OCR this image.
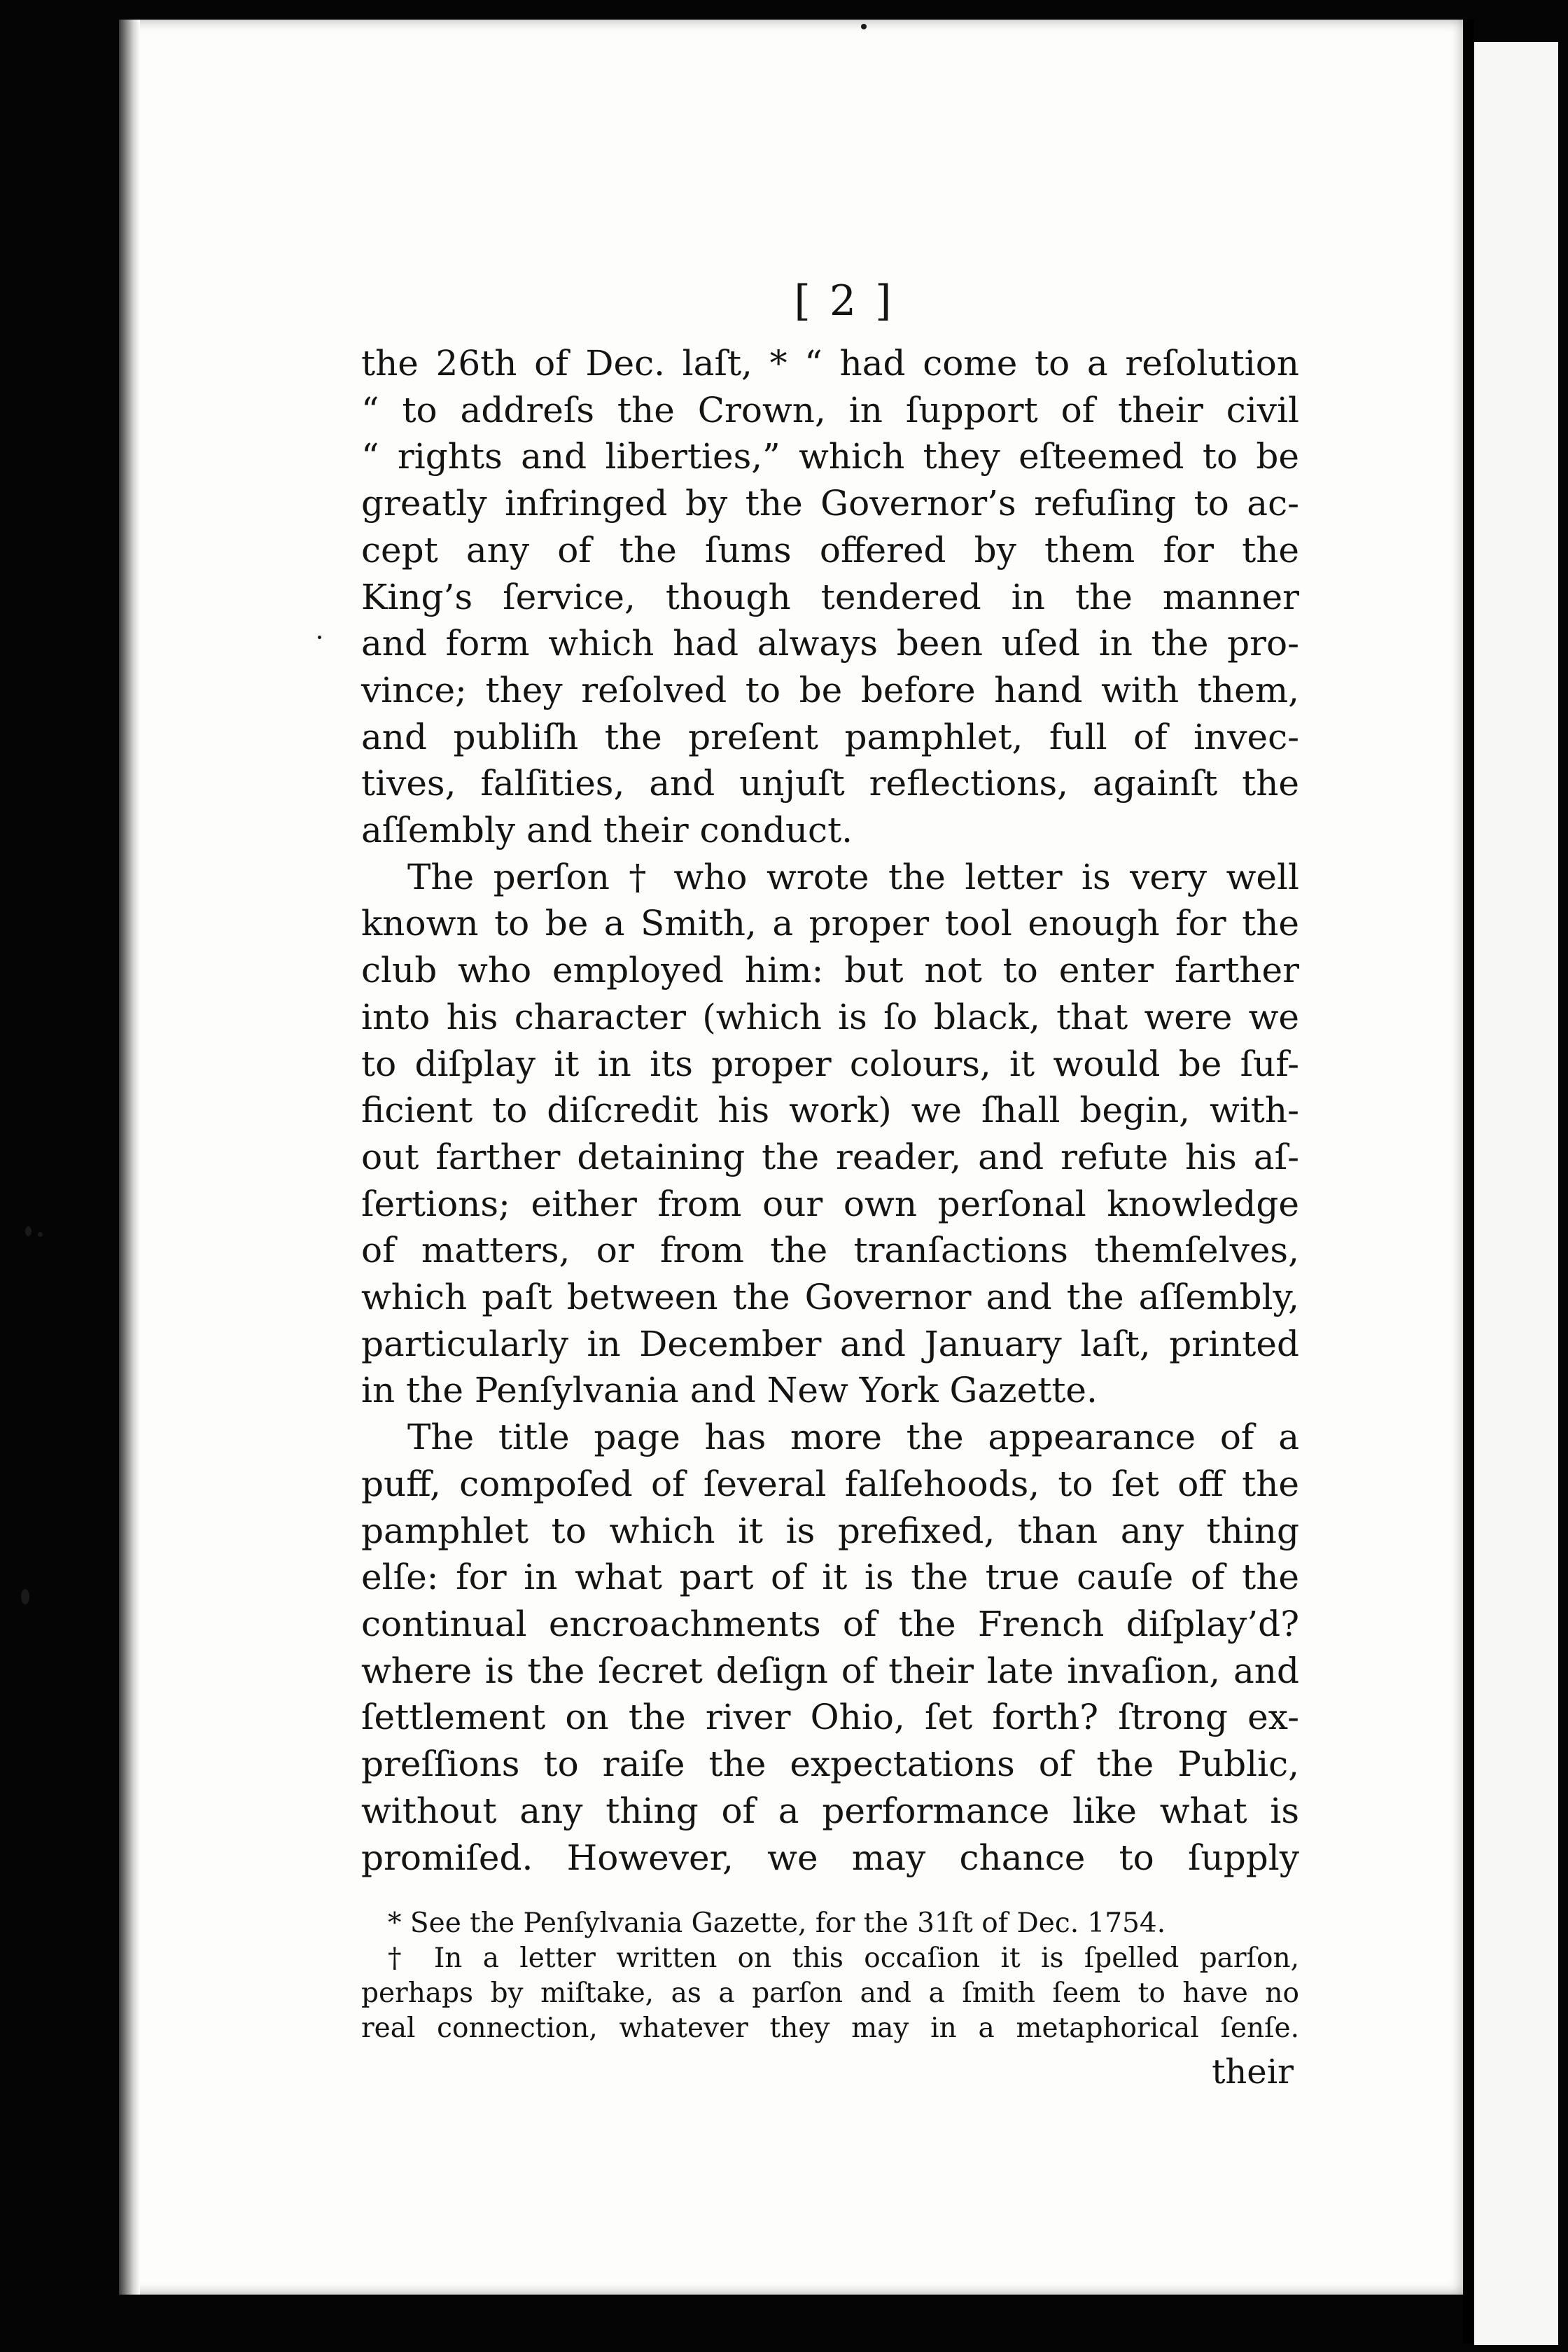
[ 2 ]
the 26th of Dec. laſt, * “ had come to a reſolution
“ to addreſs the Crown, in ſupport of their civil
“ rights and liberties,” which they eſteemed to be
greatly infringed by the Governor’s refuſing to ac-
cept any of the ſums offered by them for the
King’s ſervice, though tendered in the manner
and form which had always been uſed in the pro-
vince; they reſolved to be before hand with them,
and publiſh the preſent pamphlet, full of invec-
tives, falſities, and unjuſt reflections, againſt the
aſſembly and their conduct.
The perſon † who wrote the letter is very well
known to be a Smith, a proper tool enough for the
club who employed him: but not to enter farther
into his character (which is ſo black, that were we
to diſplay it in its proper colours, it would be ſuf-
ficient to diſcredit his work) we ſhall begin, with-
out farther detaining the reader, and refute his aſ-
ſertions; either from our own perſonal knowledge
of matters, or from the tranſactions themſelves,
which paſt between the Governor and the aſſembly,
particularly in December and January laſt, printed
in the Penſylvania and New York Gazette.
The title page has more the appearance of a
puff, compoſed of ſeveral falſehoods, to ſet off the
pamphlet to which it is prefixed, than any thing
elſe: for in what part of it is the true cauſe of the
continual encroachments of the French diſplay’d?
where is the ſecret deſign of their late invaſion, and
ſettlement on the river Ohio, ſet forth? ſtrong ex-
preſſions to raiſe the expectations of the Public,
without any thing of a performance like what is
promiſed. However, we may chance to ſupply
* See the Penſylvania Gazette, for the 31ſt of Dec. 1754.
† In a letter written on this occaſion it is ſpelled parſon,
perhaps by miſtake, as a parſon and a ſmith ſeem to have no
real connection, whatever they may in a metaphorical ſenſe.
their
